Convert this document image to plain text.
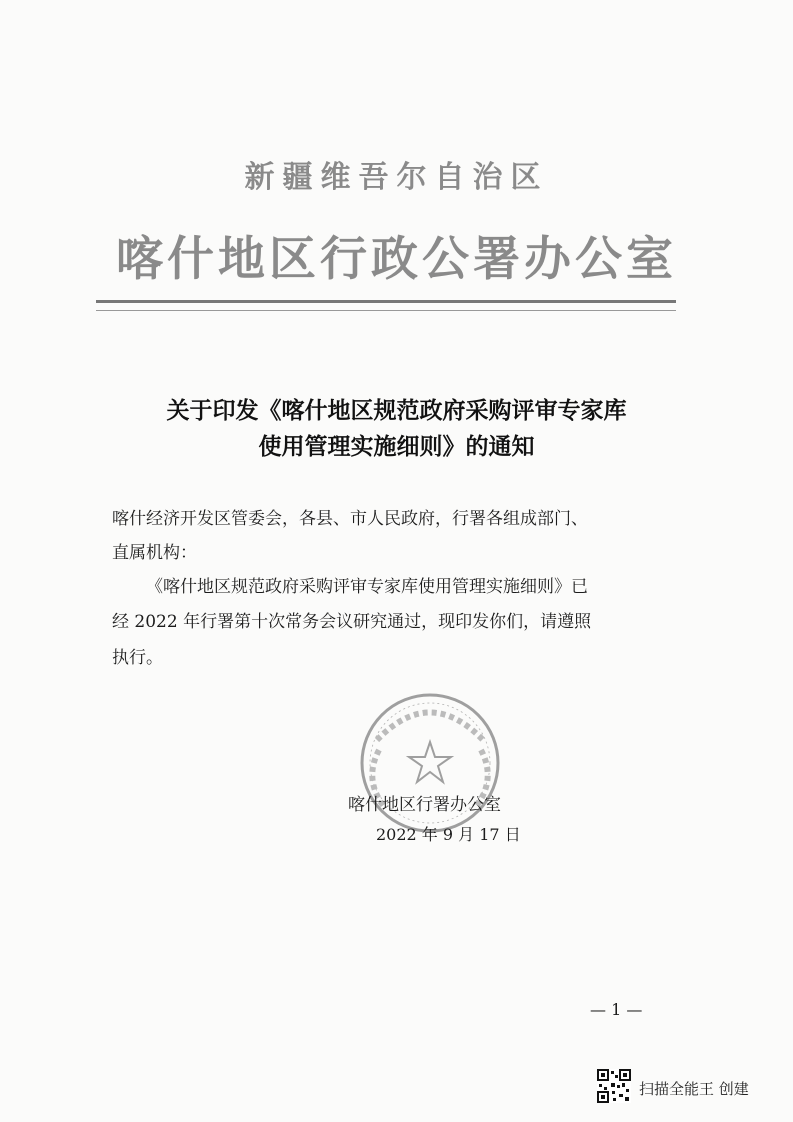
新疆维吾尔自治区
喀什地区行政公署办公室
关于印发《喀什地区规范政府采购评审专家库
使用管理实施细则》的通知
喀什经济开发区管委会，各县、市人民政府，行署各组成部门、
直属机构：
《喀什地区规范政府采购评审专家库使用管理实施细则》已
经 2022 年行署第十次常务会议研究通过，现印发你们，请遵照
执行。
喀什地区行署办公室
2022 年 9 月 17 日
— 1 —
扫描全能王 创建
